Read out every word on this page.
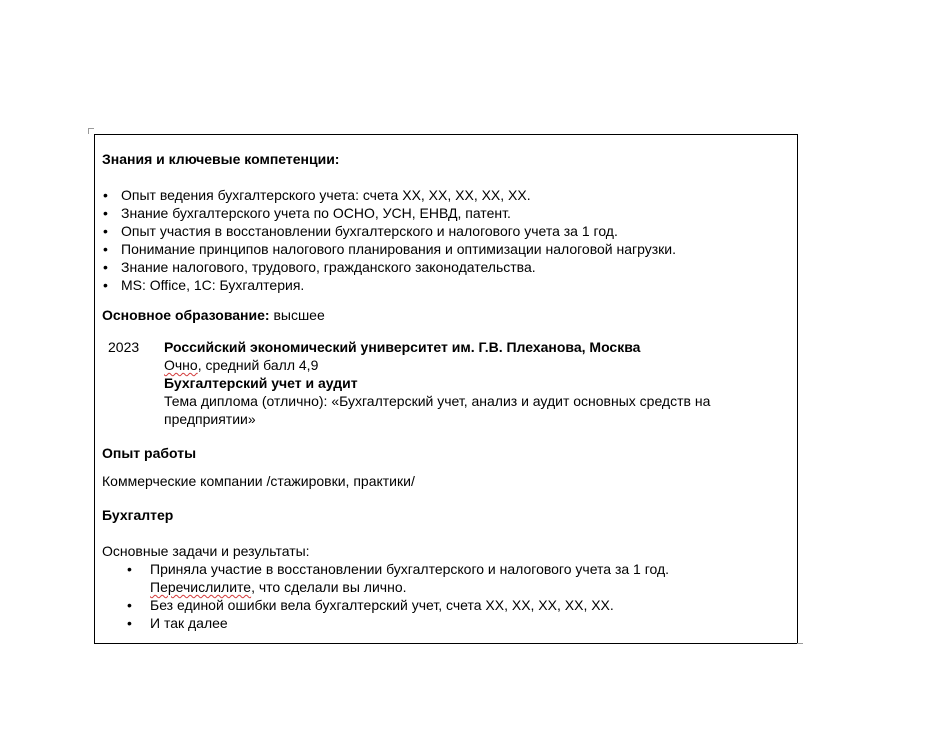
Знания и ключевые компетенции:

• Опыт ведения бухгалтерского учета: счета ХХ, ХХ, ХХ, ХХ, ХХ.
• Знание бухгалтерского учета по ОСНО, УСН, ЕНВД, патент.
• Опыт участия в восстановлении бухгалтерского и налогового учета за 1 год.
• Понимание принципов налогового планирования и оптимизации налоговой нагрузки.
• Знание налогового, трудового, гражданского законодательства.
• MS: Office, 1С: Бухгалтерия.

Основное образование: высшее

2023	Российский экономический университет им. Г.В. Плеханова, Москва
Очно, средний балл 4,9
Бухгалтерский учет и аудит
Тема диплома (отлично): «Бухгалтерский учет, анализ и аудит основных средств на предприятии»

Опыт работы

Коммерческие компании /стажировки, практики/

Бухгалтер

Основные задачи и результаты:

• Приняла участие в восстановлении бухгалтерского и налогового учета за 1 год.
Перечислилите, что сделали вы лично.
• Без единой ошибки вела бухгалтерский учет, счета ХХ, ХХ, ХХ, ХХ, ХХ.
• И так далее
